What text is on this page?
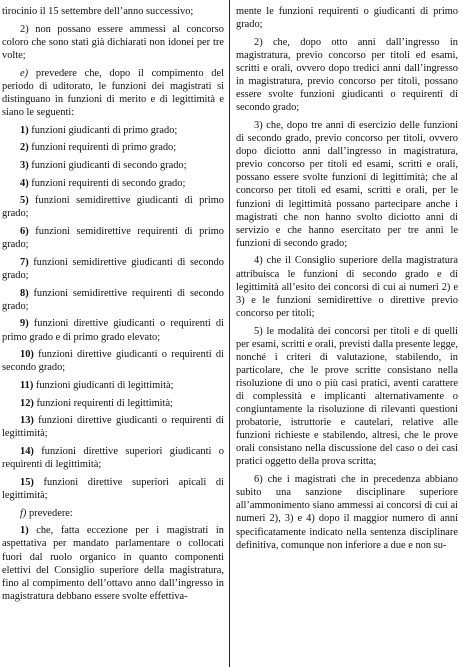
tirocinio il 15 settembre dell’anno successivo;

2) non possano essere ammessi al concorso coloro che sono stati già dichiarati non idonei per tre volte;

e) prevedere che, dopo il compimento del periodo di uditorato, le funzioni dei magistrati si distinguano in funzioni di merito e di legittimità e siano le seguenti:

1) funzioni giudicanti di primo grado;

2) funzioni requirenti di primo grado;

3) funzioni giudicanti di secondo grado;

4) funzioni requirenti di secondo grado;

5) funzioni semidirettive giudicanti di primo grado;

6) funzioni semidirettive requirenti di primo grado;

7) funzioni semidirettive giudicanti di secondo grado;

8) funzioni semidirettive requirenti di secondo grado;

9) funzioni direttive giudicanti o requirenti di primo grado e di primo grado elevato;

10) funzioni direttive giudicanti o requirenti di secondo grado;

11) funzioni giudicanti di legittimità;

12) funzioni requirenti di legittimità;

13) funzioni direttive giudicanti o requirenti di legittimità;

14) funzioni direttive superiori giudicanti o requirenti di legittimità;

15) funzioni direttive superiori apicali di legittimità;

f) prevedere:

1) che, fatta eccezione per i magistrati in aspettativa per mandato parlamentare o collocati fuori dal ruolo organico in quanto componenti elettivi del Consiglio superiore della magistratura, fino al compimento dell’ottavo anno dall’ingresso in magistratura debbano essere svolte effettiva-

mente le funzioni requirenti o giudicanti di primo grado;

2) che, dopo otto anni dall’ingresso in magistratura, previo concorso per titoli ed esami, scritti e orali, ovvero dopo tredici anni dall’ingresso in magistratura, previo concorso per titoli, possano essere svolte funzioni giudicanti o requirenti di secondo grado;

3) che, dopo tre anni di esercizio delle funzioni di secondo grado, previo concorso per titoli, ovvero dopo diciotto anni dall’ingresso in magistratura, previo concorso per titoli ed esami, scritti e orali, possano essere svolte funzioni di legittimità; che al concorso per titoli ed esami, scritti e orali, per le funzioni di legittimità possano partecipare anche i magistrati che non hanno svolto diciotto anni di servizio e che hanno esercitato per tre anni le funzioni di secondo grado;

4) che il Consiglio superiore della magistratura attribuisca le funzioni di secondo grado e di legittimità all’esito dei concorsi di cui ai numeri 2) e 3) e le funzioni semidirettive o direttive previo concorso per titoli;

5) le modalità dei concorsi per titoli e di quelli per esami, scritti e orali, previsti dalla presente legge, nonché i criteri di valutazione, stabilendo, in particolare, che le prove scritte consistano nella risoluzione di uno o più casi pratici, aventi carattere di complessità e implicanti alternativamente o congiuntamente la risoluzione di rilevanti questioni probatorie, istruttorie e cautelari, relative alle funzioni richieste e stabilendo, altresì, che le prove orali consistano nella discussione del caso o dei casi pratici oggetto della prova scritta;

6) che i magistrati che in precedenza abbiano subìto una sanzione disciplinare superiore all’ammonimento siano ammessi ai concorsi di cui ai numeri 2), 3) e 4) dopo il maggior numero di anni specificatamente indicato nella sentenza disciplinare definitiva, comunque non inferiore a due e non su-
